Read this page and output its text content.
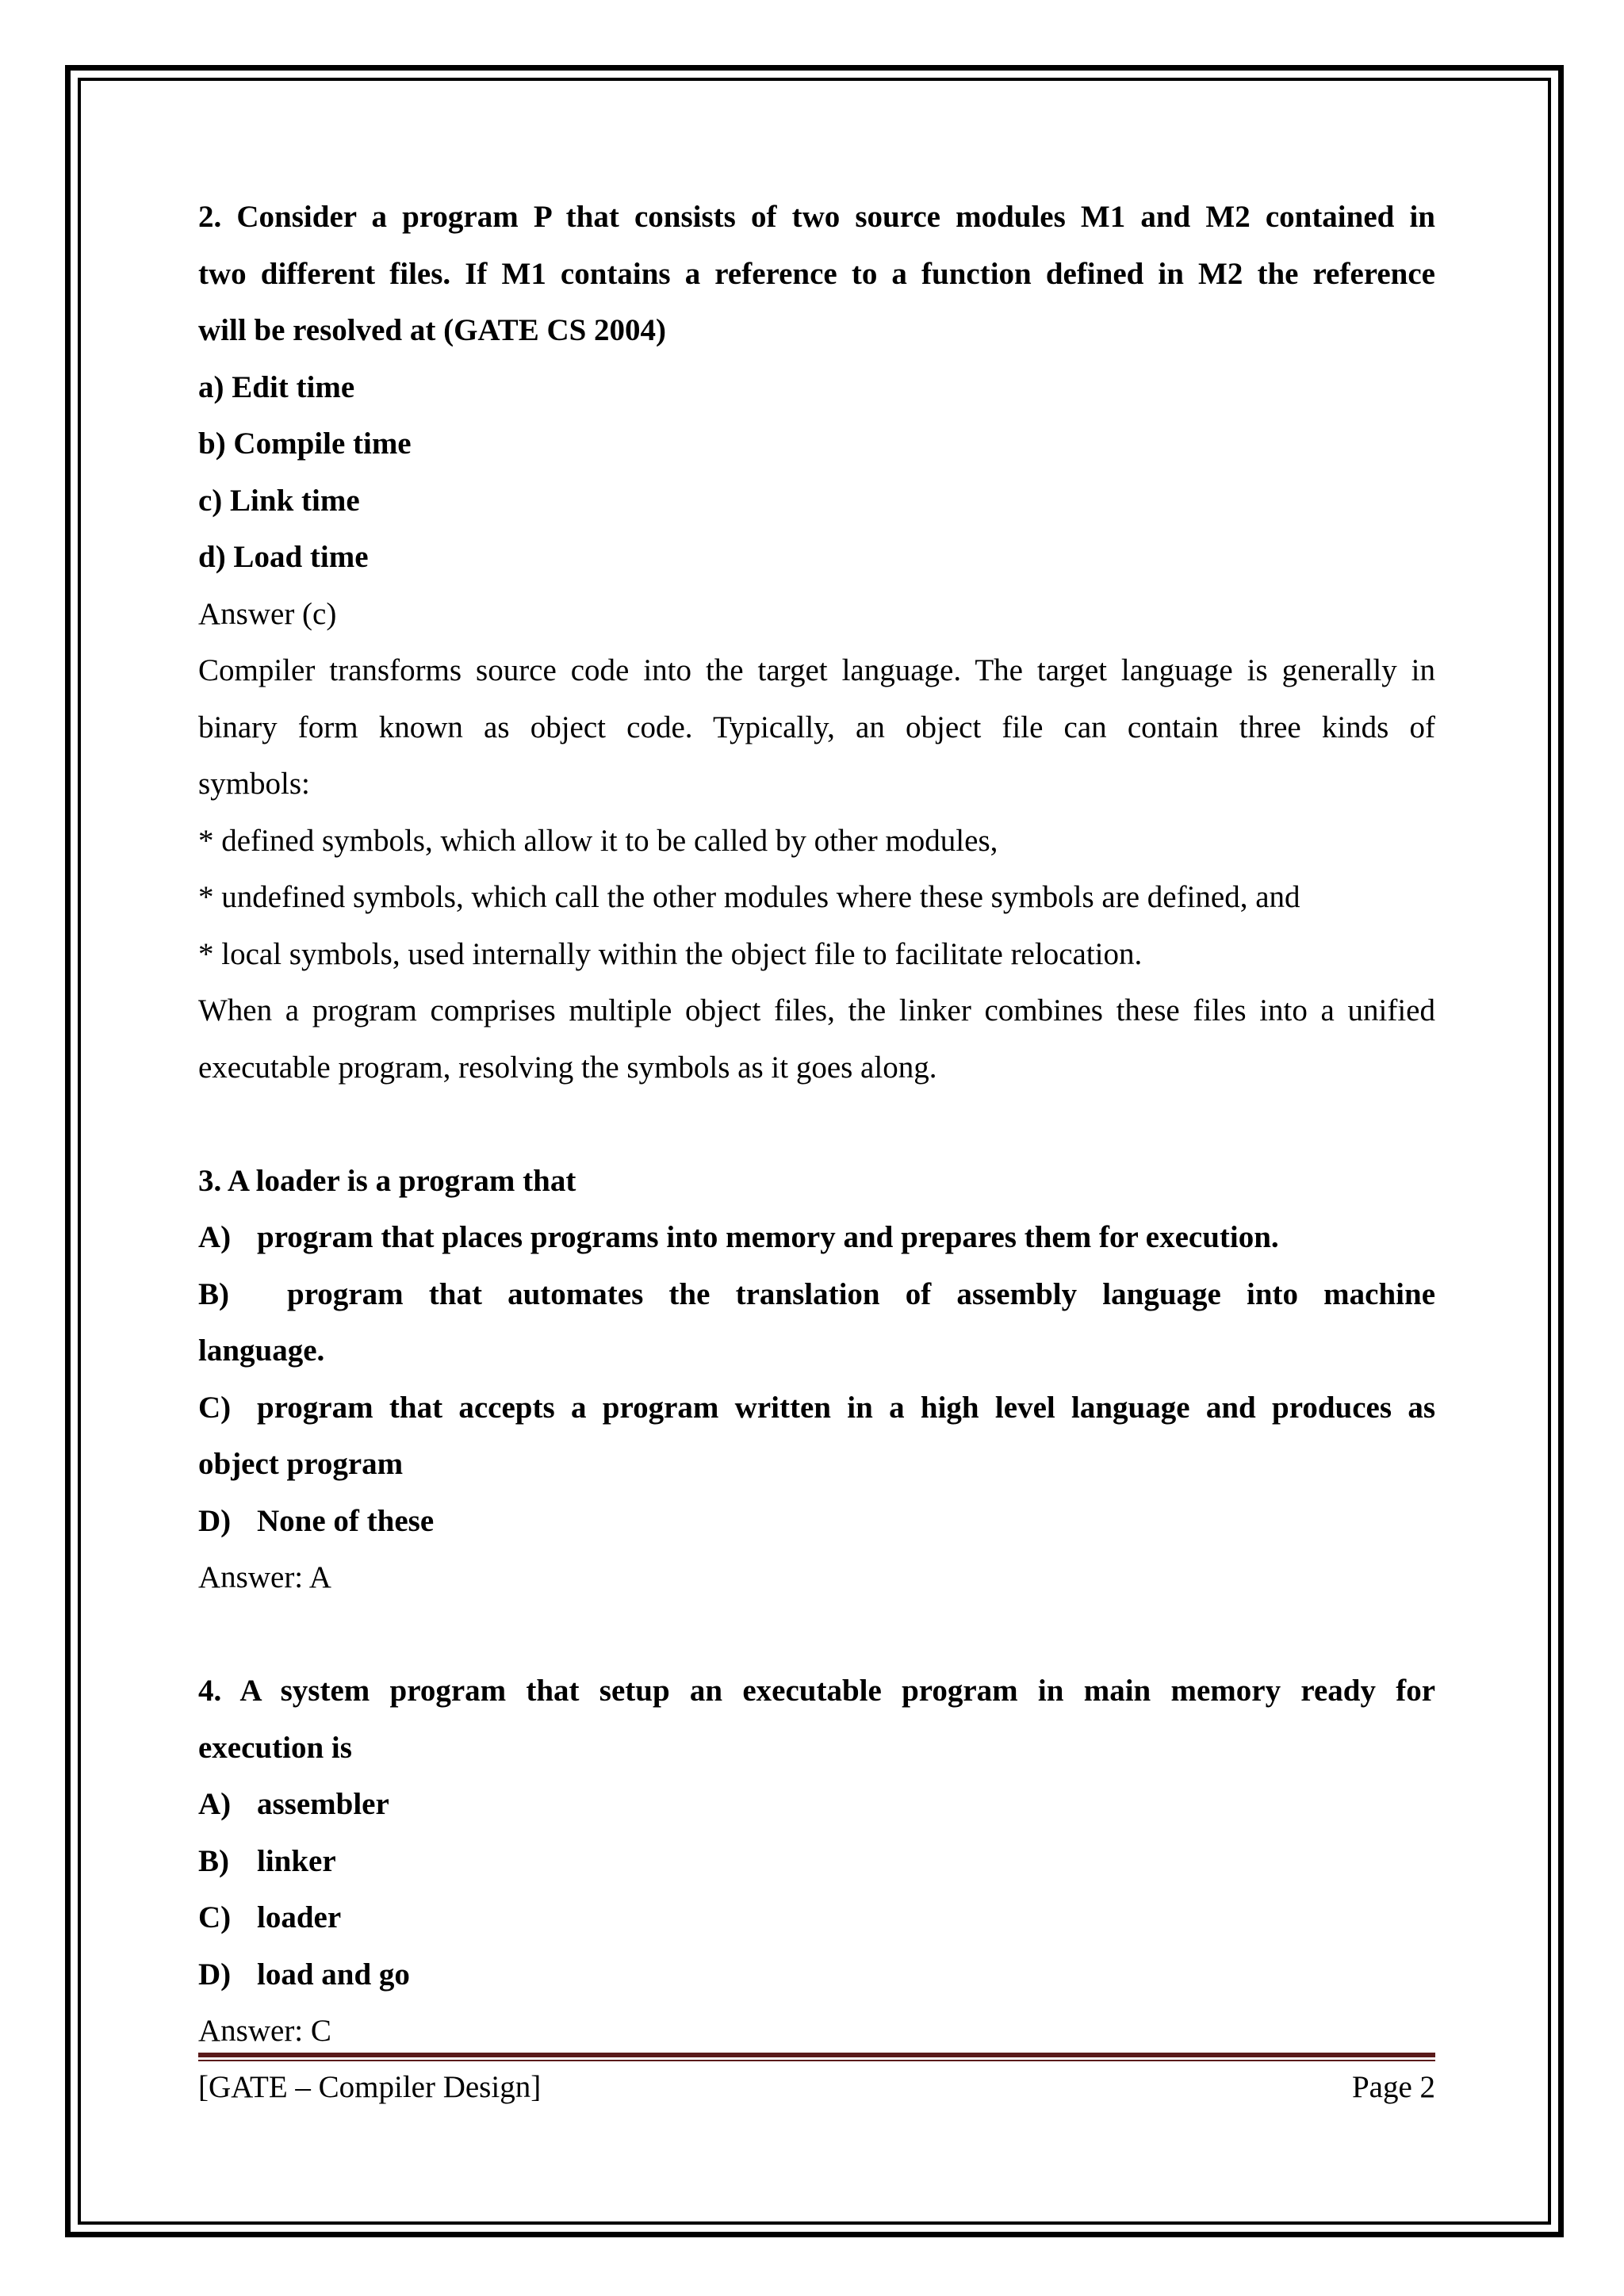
2. Consider a program P that consists of two source modules M1 and M2 contained in
two different files. If M1 contains a reference to a function defined in M2 the reference
will be resolved at (GATE CS 2004)
a) Edit time
b) Compile time
c) Link time
d) Load time
Answer (c)
Compiler transforms source code into the target language. The target language is generally in
binary form known as object code. Typically, an object file can contain three kinds of
symbols:
* defined symbols, which allow it to be called by other modules,
* undefined symbols, which call the other modules where these symbols are defined, and
* local symbols, used internally within the object file to facilitate relocation.
When a program comprises multiple object files, the linker combines these files into a unified
executable program, resolving the symbols as it goes along.
3. A loader is a program that
A) program that places programs into memory and prepares them for execution.
B) program that automates the translation of assembly language into machine
language.
C) program that accepts a program written in a high level language and produces as
object program
D) None of these
Answer: A
4. A system program that setup an executable program in main memory ready for
execution is
A) assembler
B) linker
C) loader
D) load and go
Answer: C
[GATE – Compiler Design]	Page 2
